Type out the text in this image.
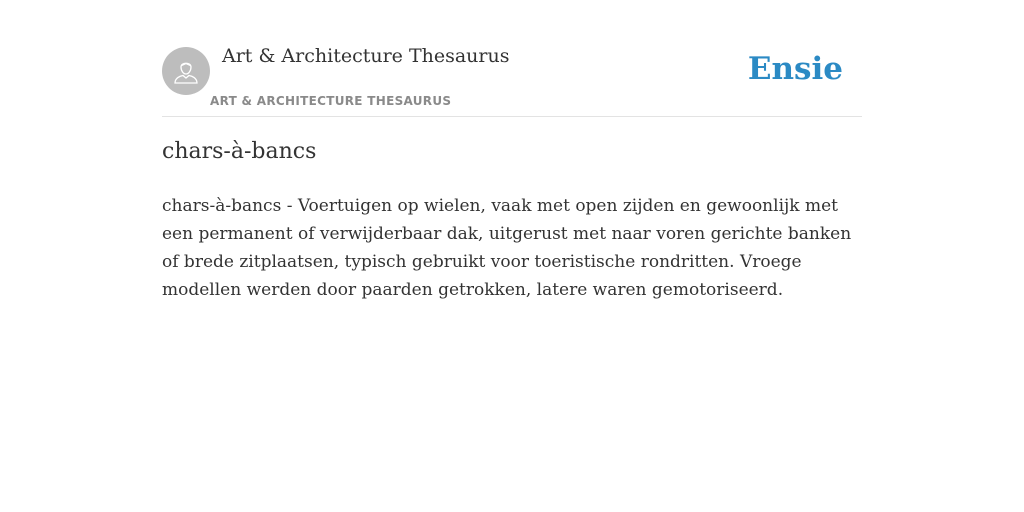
Art & Architecture Thesaurus
ART & ARCHITECTURE THESAURUS
Ensie
chars-à-bancs

chars-à-bancs - Voertuigen op wielen, vaak met open zijden en gewoonlijk met een permanent of verwijderbaar dak, uitgerust met naar voren gerichte banken of brede zitplaatsen, typisch gebruikt voor toeristische rondritten. Vroege modellen werden door paarden getrokken, latere waren gemotoriseerd.
